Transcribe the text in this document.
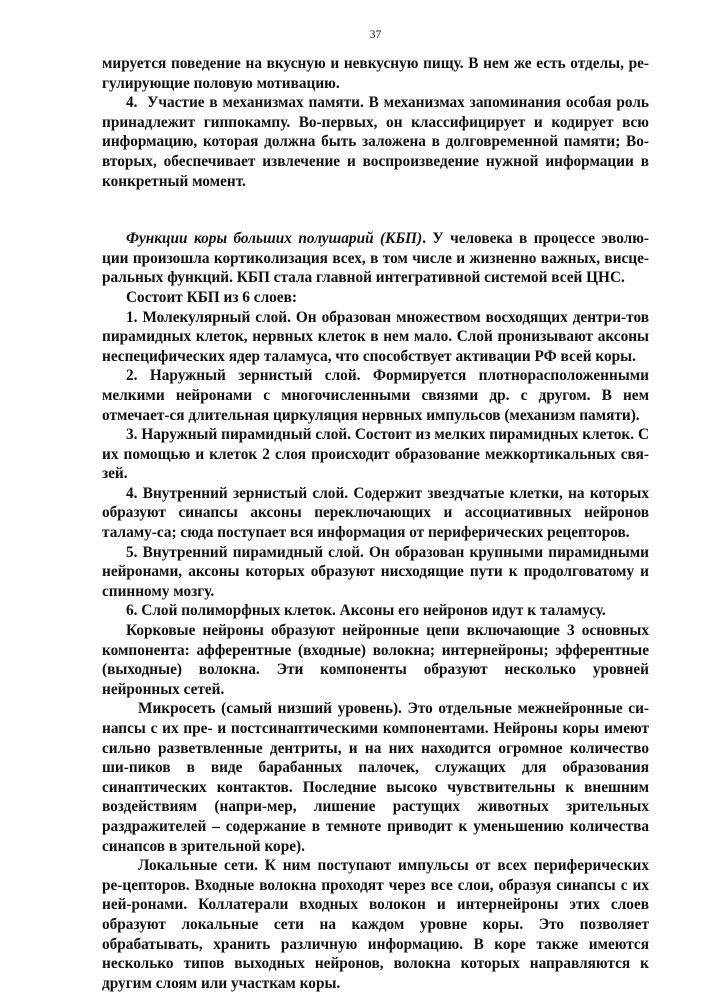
37

мируется поведение на вкусную и невкусную пищу. В нем же есть отделы, ре-гулирующие половую мотивацию.

4.  Участие в механизмах памяти. В механизмах запоминания особая роль принадлежит гиппокампу. Во-первых, он классифицирует и кодирует всю информацию, которая должна быть заложена в долговременной памяти; Во-вторых, обеспечивает извлечение и воспроизведение нужной информации в конкретный момент.

Функции коры больших полушарий (КБП). У человека в процессе эволю-ции произошла кортиколизация всех, в том числе и жизненно важных, висце-ральных функций. КБП стала главной интегративной системой всей ЦНС.

Состоит КБП из 6 слоев:

1. Молекулярный слой. Он образован множеством восходящих дентри-тов пирамидных клеток, нервных клеток в нем мало. Слой пронизывают аксоны неспецифических ядер таламуса, что способствует активации РФ всей коры.

2. Наружный зернистый слой. Формируется плотнорасположенными мелкими нейронами с многочисленными связями др. с другом. В нем отмечает-ся длительная циркуляция нервных импульсов (механизм памяти).

3. Наружный пирамидный слой. Состоит из мелких пирамидных клеток. С их помощью и клеток 2 слоя происходит образование межкортикальных свя-зей.

4. Внутренний зернистый слой. Содержит звездчатые клетки, на которых образуют синапсы аксоны переключающих и ассоциативных нейронов таламу-са; сюда поступает вся информация от периферических рецепторов.

5. Внутренний пирамидный слой. Он образован крупными пирамидными нейронами, аксоны которых образуют нисходящие пути к продолговатому и спинному мозгу.

6. Слой полиморфных клеток. Аксоны его нейронов идут к таламусу.

Корковые нейроны образуют нейронные цепи включающие 3 основных компонента: афферентные (входные) волокна; интернейроны; эфферентные (выходные) волокна. Эти компоненты образуют несколько уровней нейронных сетей.

Микросеть (самый низший уровень). Это отдельные межнейронные си-напсы с их пре- и постсинаптическими компонентами. Нейроны коры имеют сильно разветвленные дентриты, и на них находится огромное количество ши-пиков в виде барабанных палочек, служащих для образования синаптических контактов. Последние высоко чувствительны к внешним воздействиям (напри-мер, лишение растущих животных зрительных раздражителей – содержание в темноте приводит к уменьшению количества синапсов в зрительной коре).

Локальные сети. К ним поступают импульсы от всех периферических ре-цепторов. Входные волокна проходят через все слои, образуя синапсы с их ней-ронами. Коллатерали входных волокон и интернейроны этих слоев образуют локальные сети на каждом уровне коры. Это позволяет обрабатывать, хранить различную информацию. В коре также имеются несколько типов выходных нейронов, волокна которых направляются к другим слоям или участкам коры.
